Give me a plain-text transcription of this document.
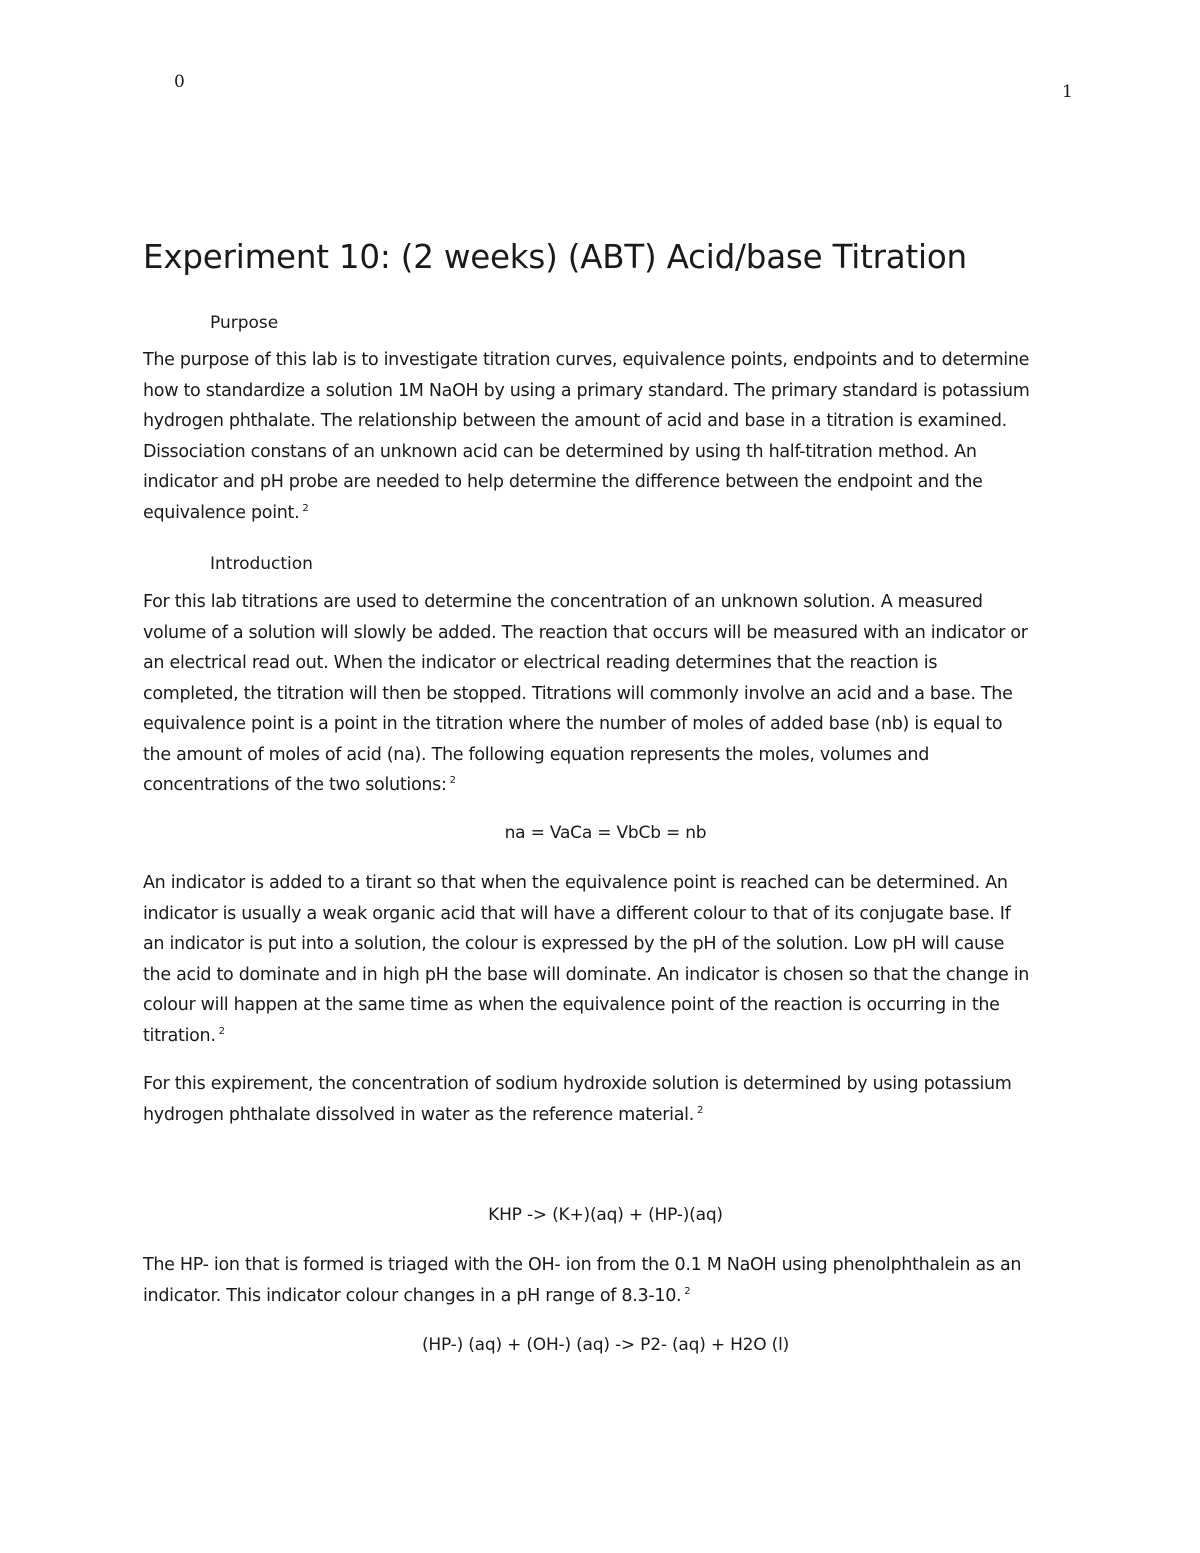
0	1
Experiment 10: (2 weeks) (ABT) Acid/base Titration
Purpose

The purpose of this lab is to investigate titration curves, equivalence points, endpoints and to determine
how to standardize a solution 1M NaOH by using a primary standard. The primary standard is potassium
hydrogen phthalate. The relationship between the amount of acid and base in a titration is examined.
Dissociation constans of an unknown acid can be determined by using th half-titration method. An
indicator and pH probe are needed to help determine the difference between the endpoint and the
equivalence point. $^2$

Introduction

For this lab titrations are used to determine the concentration of an unknown solution. A measured
volume of a solution will slowly be added. The reaction that occurs will be measured with an indicator or
an electrical read out. When the indicator or electrical reading determines that the reaction is
completed, the titration will then be stopped. Titrations will commonly involve an acid and a base. The
equivalence point is a point in the titration where the number of moles of added base (nb) is equal to
the amount of moles of acid (na). The following equation represents the moles, volumes and
concentrations of the two solutions: $^2$

na = VaCa = VbCb = nb

An indicator is added to a tirant so that when the equivalence point is reached can be determined. An
indicator is usually a weak organic acid that will have a different colour to that of its conjugate base. If
an indicator is put into a solution, the colour is expressed by the pH of the solution. Low pH will cause
the acid to dominate and in high pH the base will dominate. An indicator is chosen so that the change in
colour will happen at the same time as when the equivalence point of the reaction is occurring in the
titration. $^2$

For this expirement, the concentration of sodium hydroxide solution is determined by using potassium
hydrogen phthalate dissolved in water as the reference material. $^2$

KHP -> (K+)(aq) + (HP-)(aq)

The HP- ion that is formed is triaged with the OH- ion from the 0.1 M NaOH using phenolphthalein as an
indicator. This indicator colour changes in a pH range of 8.3-10. $^2$

(HP-) (aq) + (OH-) (aq) -> P2- (aq) + H2O (l)
